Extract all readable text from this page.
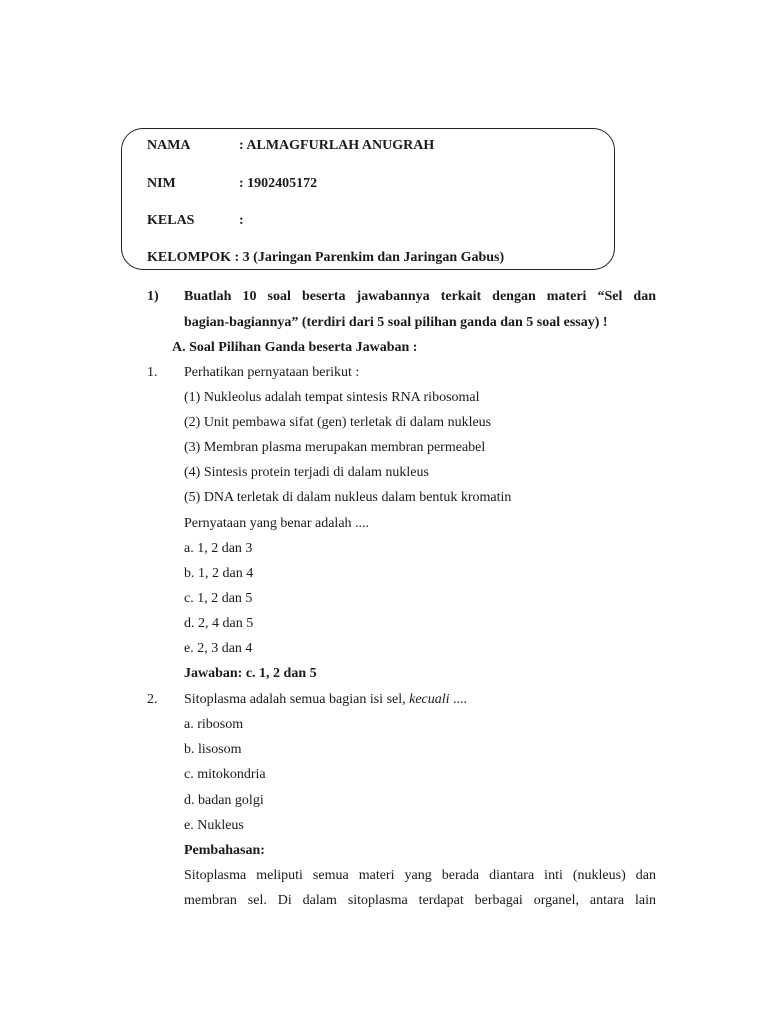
NAMA	: ALMAGFURLAH ANUGRAH
NIM	: 1902405172
KELAS	:
KELOMPOK : 3 (Jaringan Parenkim dan Jaringan Gabus)
1) Buatlah 10 soal beserta jawabannya terkait dengan materi “Sel dan
bagian-bagiannya” (terdiri dari 5 soal pilihan ganda dan 5 soal essay) !
A. Soal Pilihan Ganda beserta Jawaban :
1. Perhatikan pernyataan berikut :
(1) Nukleolus adalah tempat sintesis RNA ribosomal
(2) Unit pembawa sifat (gen) terletak di dalam nukleus
(3) Membran plasma merupakan membran permeabel
(4) Sintesis protein terjadi di dalam nukleus
(5) DNA terletak di dalam nukleus dalam bentuk kromatin
Pernyataan yang benar adalah ....
a. 1, 2 dan 3
b. 1, 2 dan 4
c. 1, 2 dan 5
d. 2, 4 dan 5
e. 2, 3 dan 4
Jawaban: c. 1, 2 dan 5
2. Sitoplasma adalah semua bagian isi sel, kecuali ....
a. ribosom
b. lisosom
c. mitokondria
d. badan golgi
e. Nukleus
Pembahasan:
Sitoplasma meliputi semua materi yang berada diantara inti (nukleus) dan
membran sel. Di dalam sitoplasma terdapat berbagai organel, antara lain
